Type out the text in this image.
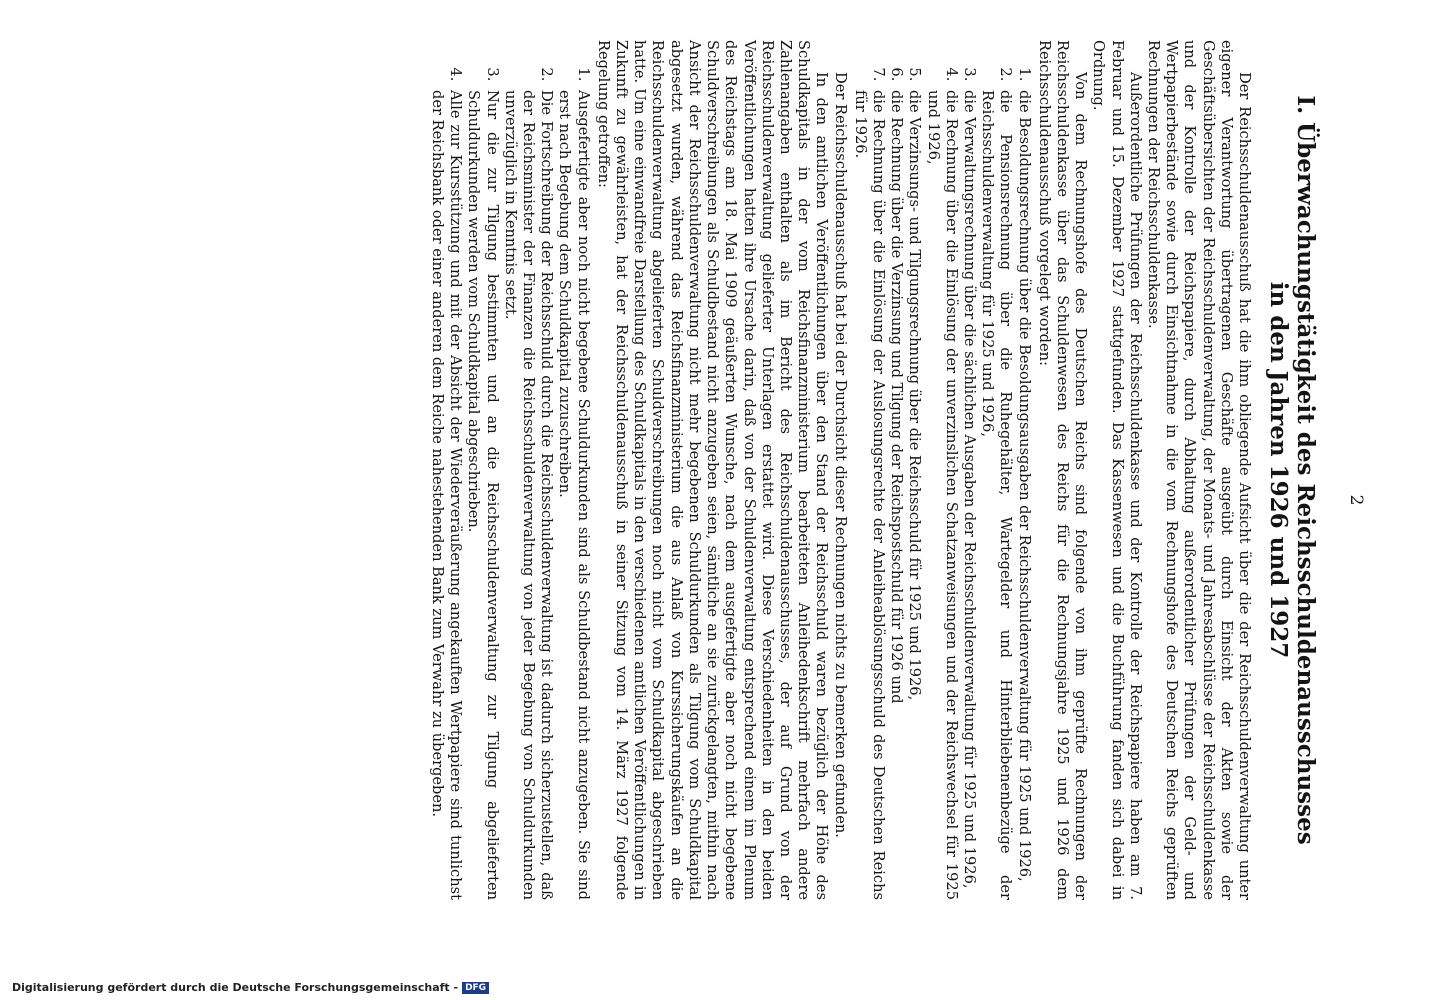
2
I. Überwachungstätigkeit des Reichsschuldenausschusses
in den Jahren 1926 und 1927

Der Reichsschuldenausschuß hat die ihm obliegende Aufsicht über die der Reichsschuldenverwaltung unter eigener Verantwortung übertragenen Geschäfte ausgeübt durch Einsicht der Akten sowie der Geschäftsübersichten der Reichsschuldenverwaltung, der Monats- und Jahresabschlüsse der Reichsschuldenkasse und der Kontrolle der Reichspapiere, durch Abhaltung außerordentlicher Prüfungen der Geld- und Wertpapierbestände sowie durch Einsichtnahme in die vom Rechnungshofe des Deutschen Reichs geprüften Rechnungen der Reichsschuldenkasse.

Außerordentliche Prüfungen der Reichsschuldenkasse und der Kontrolle der Reichspapiere haben am 7. Februar und 15. Dezember 1927 stattgefunden. Das Kassenwesen und die Buchführung fanden sich dabei in Ordnung.

Von dem Rechnungshofe des Deutschen Reichs sind folgende von ihm geprüfte Rechnungen der Reichsschuldenkasse über das Schuldenwesen des Reichs für die Rechnungsjahre 1925 und 1926 dem Reichsschuldenausschuß vorgelegt worden:

1. die Besoldungsrechnung über die Besoldungsausgaben der Reichsschuldenverwaltung für 1925 und 1926,
2. die Pensionsrechnung über die Ruhegehälter, Wartegelder und Hinterbliebenenbezüge der Reichsschuldenverwaltung für 1925 und 1926,
3. die Verwaltungsrechnung über die sächlichen Ausgaben der Reichsschuldenverwaltung für 1925 und 1926,
4. die Rechnung über die Einlösung der unverzinslichen Schatzanweisungen und der Reichswechsel für 1925 und 1926,
5. die Verzinsungs- und Tilgungsrechnung über die Reichsschuld für 1925 und 1926,
6. die Rechnung über die Verzinsung und Tilgung der Reichspostschuld für 1926 und
7. die Rechnung über die Einlösung der Auslosungsrechte der Anleiheablösungsschuld des Deutschen Reichs für 1926.

Der Reichsschuldenausschuß hat bei der Durchsicht dieser Rechnungen nichts zu bemerken gefunden.

In den amtlichen Veröffentlichungen über den Stand der Reichsschuld waren bezüglich der Höhe des Schuldkapitals in der vom Reichsfinanzministerium bearbeiteten Anleihedenkschrift mehrfach andere Zahlenangaben enthalten als im Bericht des Reichsschuldenausschusses, der auf Grund von der Reichsschuldenverwaltung gelieferter Unterlagen erstattet wird. Diese Verschiedenheiten in den beiden Veröffentlichungen hatten ihre Ursache darin, daß von der Schuldenverwaltung entsprechend einem im Plenum des Reichstags am 18. Mai 1909 geäußerten Wunsche, nach dem ausgefertigte aber noch nicht begebene Schuldverschreibungen als Schuldbestand nicht anzugeben seien, sämtliche an sie zurückgelangten, mithin nach Ansicht der Reichsschuldenverwaltung nicht mehr begebenen Schuldurkunden als Tilgung vom Schuldkapital abgesetzt wurden, während das Reichsfinanzministerium die aus Anlaß von Kurssicherungskäufen an die Reichsschuldenverwaltung abgelieferten Schuldverschreibungen noch nicht vom Schuldkapital abgeschrieben hatte. Um eine einwandfreie Darstellung des Schuldkapitals in den verschiedenen amtlichen Veröffentlichungen in Zukunft zu gewährleisten, hat der Reichsschuldenausschuß in seiner Sitzung vom 14. März 1927 folgende Regelung getroffen:

1. Ausgefertigte aber noch nicht begebene Schuldurkunden sind als Schuldbestand nicht anzugeben. Sie sind erst nach Begebung dem Schuldkapital zuzuschreiben.
2. Die Fortschreibung der Reichsschuld durch die Reichsschuldenverwaltung ist dadurch sicherzustellen, daß der Reichsminister der Finanzen die Reichsschuldenverwaltung von jeder Begebung von Schuldurkunden unverzüglich in Kenntnis setzt.
3. Nur die zur Tilgung bestimmten und an die Reichsschuldenverwaltung zur Tilgung abgelieferten Schuldurkunden werden vom Schuldkapital abgeschrieben.
4. Alle zur Kursstützung und mit der Absicht der Wiederveräußerung angekauften Wertpapiere sind tunlichst der Reichsbank oder einer anderen dem Reiche nahestehenden Bank zum Verwahr zu übergeben.
Digitalisierung gefördert durch die Deutsche Forschungsgemeinschaft - DFG
